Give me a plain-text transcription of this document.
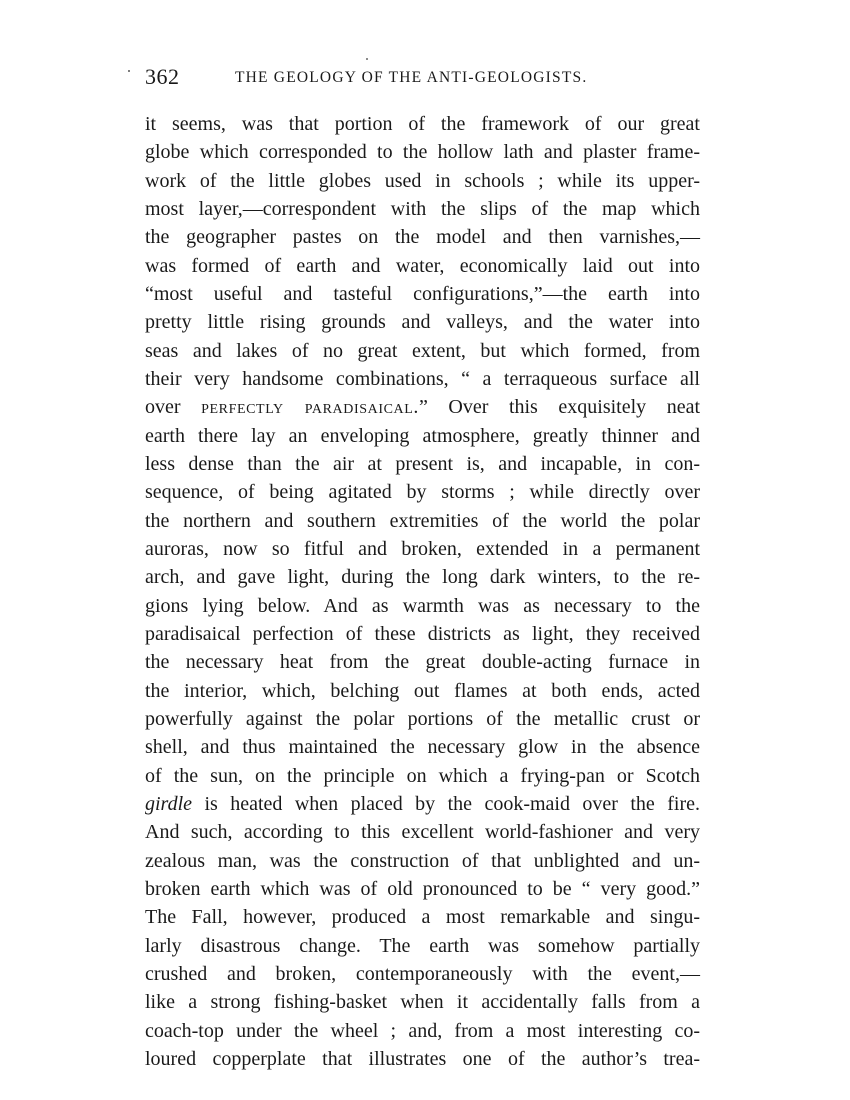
362	THE GEOLOGY OF THE ANTI-GEOLOGISTS.
it seems, was that portion of the framework of our great
globe which corresponded to the hollow lath and plaster frame-
work of the little globes used in schools ; while its upper-
most layer,—correspondent with the slips of the map which
the geographer pastes on the model and then varnishes,—
was formed of earth and water, economically laid out into
“most useful and tasteful configurations,”—the earth into
pretty little rising grounds and valleys, and the water into
seas and lakes of no great extent, but which formed, from
their very handsome combinations, “ a terraqueous surface all
over perfectly paradisaical.” Over this exquisitely neat
earth there lay an enveloping atmosphere, greatly thinner and
less dense than the air at present is, and incapable, in con-
sequence, of being agitated by storms ; while directly over
the northern and southern extremities of the world the polar
auroras, now so fitful and broken, extended in a permanent
arch, and gave light, during the long dark winters, to the re-
gions lying below. And as warmth was as necessary to the
paradisaical perfection of these districts as light, they received
the necessary heat from the great double-acting furnace in
the interior, which, belching out flames at both ends, acted
powerfully against the polar portions of the metallic crust or
shell, and thus maintained the necessary glow in the absence
of the sun, on the principle on which a frying-pan or Scotch
girdle is heated when placed by the cook-maid over the fire.
And such, according to this excellent world-fashioner and very
zealous man, was the construction of that unblighted and un-
broken earth which was of old pronounced to be “ very good.”
The Fall, however, produced a most remarkable and singu-
larly disastrous change. The earth was somehow partially
crushed and broken, contemporaneously with the event,—
like a strong fishing-basket when it accidentally falls from a
coach-top under the wheel ; and, from a most interesting co-
loured copperplate that illustrates one of the author’s trea-
